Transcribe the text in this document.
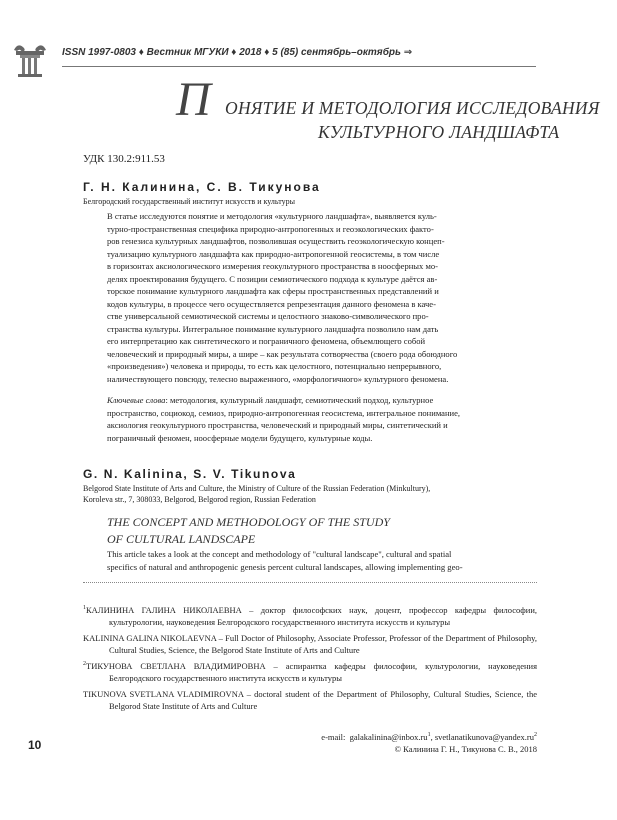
ISSN 1997-0803 ♦ Вестник МГУКИ ♦ 2018 ♦ 5 (85) сентябрь–октябрь ⇒
П ОНЯТИЕ И МЕТОДОЛОГИЯ ИССЛЕДОВАНИЯ
КУЛЬТУРНОГО ЛАНДШАФТА
УДК 130.2:911.53
Г. Н. Калинина, С. В. Тикунова
Белгородский государственный институт искусств и культуры
В статье исследуются понятие и методология «культурного ландшафта», выявляется куль-
турно-пространственная специфика природно-антропогенных и геоэкологических факто-
ров генезиса культурных ландшафтов, позволившая осуществить геоэкологическую концеп-
туализацию культурного ландшафта как природно-антропогенной геосистемы, в том числе
в горизонтах аксиологического измерения геокультурного пространства в ноосферных мо-
делях проектирования будущего. С позиции семиотического подхода к культуре даётся ав-
торское понимание культурного ландшафта как сферы пространственных представлений и
кодов культуры, в процессе чего осуществляется репрезентация данного феномена в каче-
стве универсальной семиотической системы и целостного знаково-символического про-
странства культуры. Интегральное понимание культурного ландшафта позволило нам дать
его интерпретацию как синтетического и пограничного феномена, объемлющего собой
человеческий и природный миры, а шире – как результата сотворчества (своего рода обоюдного
«произведения») человека и природы, то есть как целостного, потенциально непрерывного,
наличествующего повсюду, телесно выраженного, «морфологичного» культурного феномена.
Ключевые слова: методология, культурный ландшафт, семиотический подход, культурное
пространство, социокод, семиоз, природно-антропогенная геосистема, интегральное понимание,
аксиология геокультурного пространства, человеческий и природный миры, синтетический и
пограничный феномен, ноосферные модели будущего, культурные коды.
G. N. Kalinina, S. V. Tikunova
Belgorod State Institute of Arts and Culture, the Ministry of Culture of the Russian Federation (Minkultury),
Koroleva str., 7, 308033, Belgorod, Belgorod region, Russian Federation
THE CONCEPT AND METHODOLOGY OF THE STUDY
OF CULTURAL LANDSCAPE
This article takes a look at the concept and methodology of "cultural landscape", cultural and spatial
specifics of natural and anthropogenic genesis percent cultural landscapes, allowing implementing geo-
$^1$КАЛИНИНА ГАЛИНА НИКОЛАЕВНА – доктор философских наук, доцент, профессор кафедры философии, культурологии, науковедения Белгородского государственного института искусств и культуры
KALININA GALINA NIKOLAEVNA – Full Doctor of Philosophy, Associate Professor, Professor of the Department of Philosophy, Cultural Studies, Science, the Belgorod State Institute of Arts and Culture
$^2$ТИКУНОВА СВЕТЛАНА ВЛАДИМИРОВНА – аспирантка кафедры философии, культурологии, науковедения Белгородского государственного института искусств и культуры
TIKUNOVA SVETLANA VLADIMIROVNA – doctoral student of the Department of Philosophy, Cultural Studies, Science, the Belgorod State Institute of Arts and Culture
e-mail: $galakalinina@inbox.ru^1$, $svetlanatikunova@yandex.ru^2$
© Калинина Г. Н., Тикунова С. В., 2018
10
